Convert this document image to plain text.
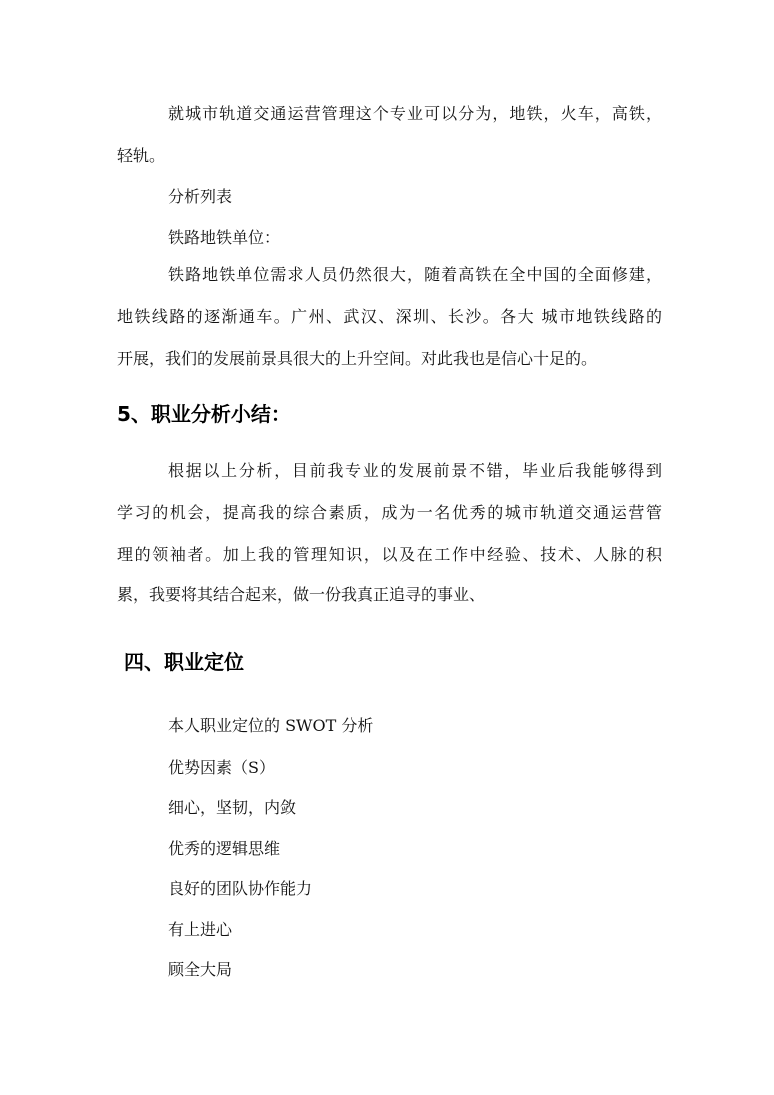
就城市轨道交通运营管理这个专业可以分为，地铁，火车，高铁，
轻轨。
分析列表
铁路地铁单位：
铁路地铁单位需求人员仍然很大，随着高铁在全中国的全面修建，
地铁线路的逐渐通车。广州、武汉、深圳、长沙。各大 城市地铁线路的
开展，我们的发展前景具很大的上升空间。对此我也是信心十足的。
5、职业分析小结：
根据以上分析，目前我专业的发展前景不错，毕业后我能够得到
学习的机会，提高我的综合素质，成为一名优秀的城市轨道交通运营管
理的领袖者。加上我的管理知识，以及在工作中经验、技术、人脉的积
累，我要将其结合起来，做一份我真正追寻的事业、
四、职业定位
本人职业定位的 SWOT 分析
优势因素（S）
细心，坚韧，内敛
优秀的逻辑思维
良好的团队协作能力
有上进心
顾全大局
